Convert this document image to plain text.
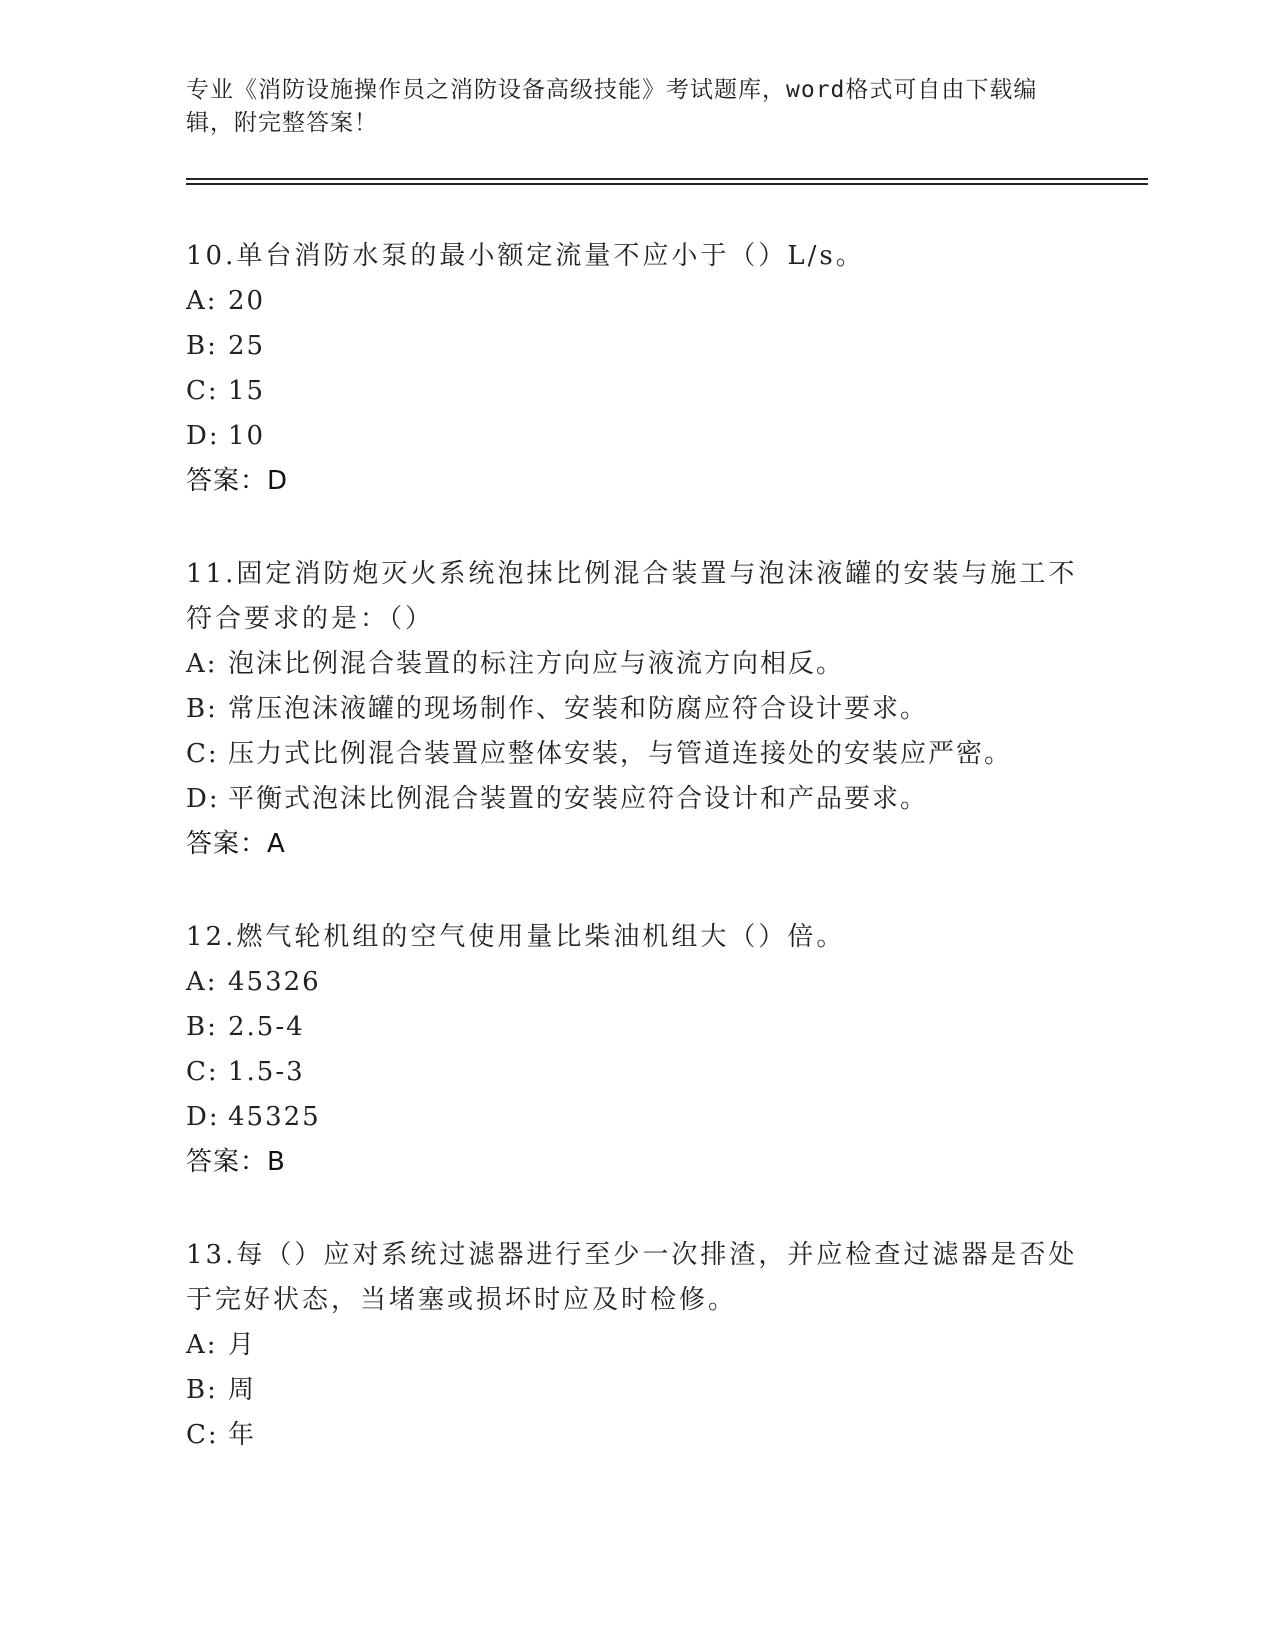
专业《消防设施操作员之消防设备高级技能》考试题库，word格式可自由下载编辑，附完整答案！

10.单台消防水泵的最小额定流量不应小于（）L/s。

A: 20
B: 25
C: 15
D: 10
答案：D

11.固定消防炮灭火系统泡抹比例混合装置与泡沫液罐的安装与施工不符合要求的是：（）

A: 泡沫比例混合装置的标注方向应与液流方向相反。
B: 常压泡沫液罐的现场制作、安装和防腐应符合设计要求。
C: 压力式比例混合装置应整体安装，与管道连接处的安装应严密。
D: 平衡式泡沫比例混合装置的安装应符合设计和产品要求。
答案：A

12.燃气轮机组的空气使用量比柴油机组大（）倍。

A: 45326
B: 2.5-4
C: 1.5-3
D: 45325
答案：B

13.每（）应对系统过滤器进行至少一次排渣，并应检查过滤器是否处于完好状态，当堵塞或损坏时应及时检修。

A: 月
B: 周
C: 年
